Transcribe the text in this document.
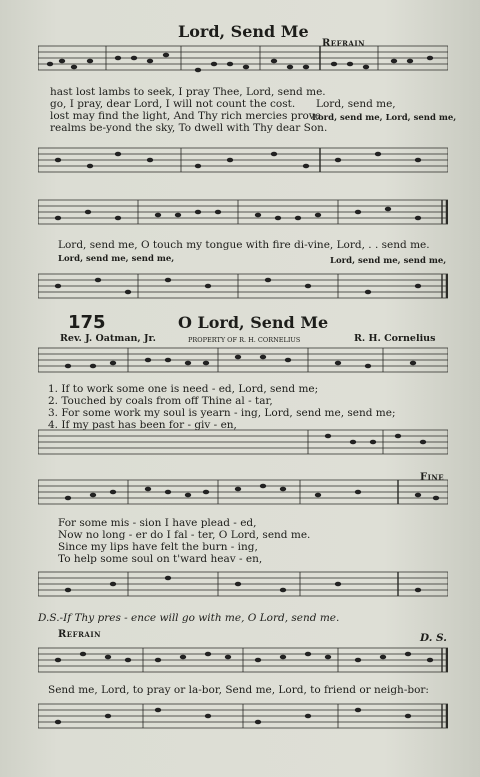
Lord, Send Me
Refrain
hast lost lambs to seek, I pray Thee, Lord, send me.
go, I pray, dear Lord, I will not count the cost.
lost may find the light, And Thy rich mercies prove.
realms be-yond the sky, To dwell with Thy dear Son.
Lord, send me,
Lord, send me, Lord, send me,
Lord, send me, O touch my tongue with fire di-vine, Lord, . . send me.
Lord, send me, send me,	Lord, send me, send me,
175	O Lord, Send Me
Rev. J. Oatman, Jr.	PROPERTY OF R. H. CORNELIUS	R. H. Cornelius
1. If to work some one is need - ed, Lord, send me;
2. Touched by coals from off Thine al - tar,
3. For some work my soul is yearn - ing, Lord, send me, send me;
4. If my past has been for - giv - en,
Fine
For some mis - sion I have plead - ed,
Now no long - er do I fal - ter, O Lord, send me.
Since my lips have felt the burn - ing,
To help some soul on t'ward heav - en,
D.S.-If Thy pres - ence will go with me, O Lord, send me.
Refrain	D. S.
Send me, Lord, to pray or la-bor, Send me, Lord, to friend or neigh-bor:
